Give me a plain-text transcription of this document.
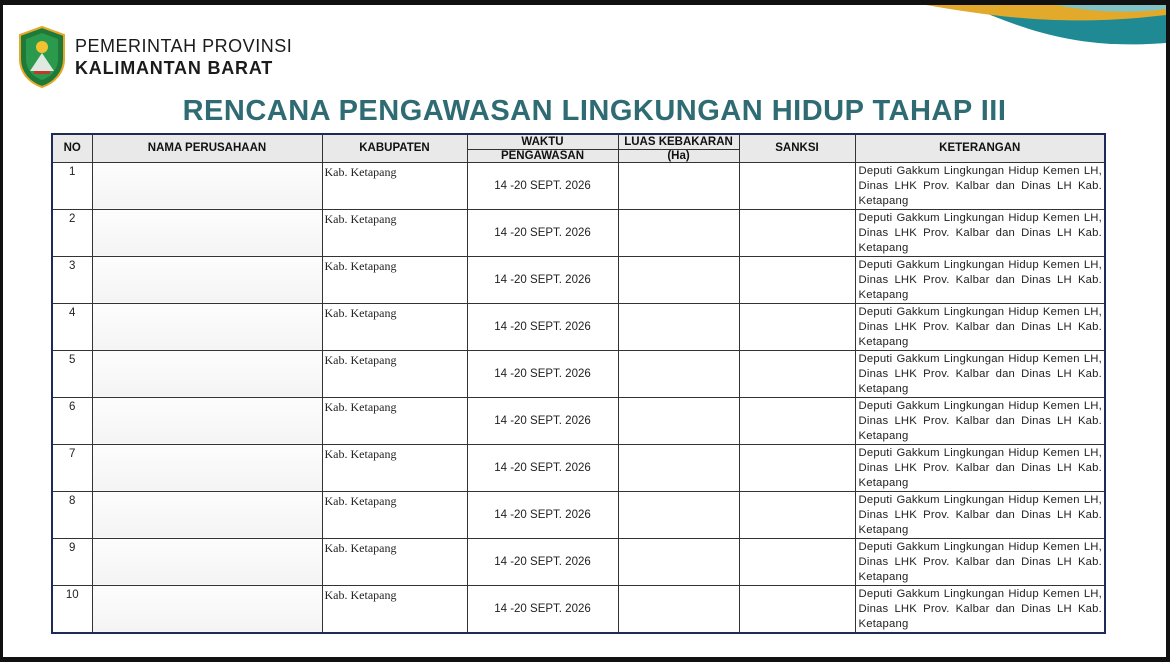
PEMERINTAH PROVINSI
KALIMANTAN BARAT
RENCANA PENGAWASAN LINGKUNGAN HIDUP TAHAP III
NO	NAMA PERUSAHAAN	KABUPATEN	WAKTU	LUAS KEBAKARAN	SANKSI	KETERANGAN
			PENGAWASAN	(Ha)		
1		Kab. Ketapang	14 -20 SEPT. 2026			Deputi Gakkum Lingkungan Hidup Kemen LH, Dinas LHK Prov. Kalbar dan Dinas LH Kab. Ketapang
2		Kab. Ketapang	14 -20 SEPT. 2026			Deputi Gakkum Lingkungan Hidup Kemen LH, Dinas LHK Prov. Kalbar dan Dinas LH Kab. Ketapang
3		Kab. Ketapang	14 -20 SEPT. 2026			Deputi Gakkum Lingkungan Hidup Kemen LH, Dinas LHK Prov. Kalbar dan Dinas LH Kab. Ketapang
4		Kab. Ketapang	14 -20 SEPT. 2026			Deputi Gakkum Lingkungan Hidup Kemen LH, Dinas LHK Prov. Kalbar dan Dinas LH Kab. Ketapang
5		Kab. Ketapang	14 -20 SEPT. 2026			Deputi Gakkum Lingkungan Hidup Kemen LH, Dinas LHK Prov. Kalbar dan Dinas LH Kab. Ketapang
6		Kab. Ketapang	14 -20 SEPT. 2026			Deputi Gakkum Lingkungan Hidup Kemen LH, Dinas LHK Prov. Kalbar dan Dinas LH Kab. Ketapang
7		Kab. Ketapang	14 -20 SEPT. 2026			Deputi Gakkum Lingkungan Hidup Kemen LH, Dinas LHK Prov. Kalbar dan Dinas LH Kab. Ketapang
8		Kab. Ketapang	14 -20 SEPT. 2026			Deputi Gakkum Lingkungan Hidup Kemen LH, Dinas LHK Prov. Kalbar dan Dinas LH Kab. Ketapang
9		Kab. Ketapang	14 -20 SEPT. 2026			Deputi Gakkum Lingkungan Hidup Kemen LH, Dinas LHK Prov. Kalbar dan Dinas LH Kab. Ketapang
10		Kab. Ketapang	14 -20 SEPT. 2026			Deputi Gakkum Lingkungan Hidup Kemen LH, Dinas LHK Prov. Kalbar dan Dinas LH Kab. Ketapang
